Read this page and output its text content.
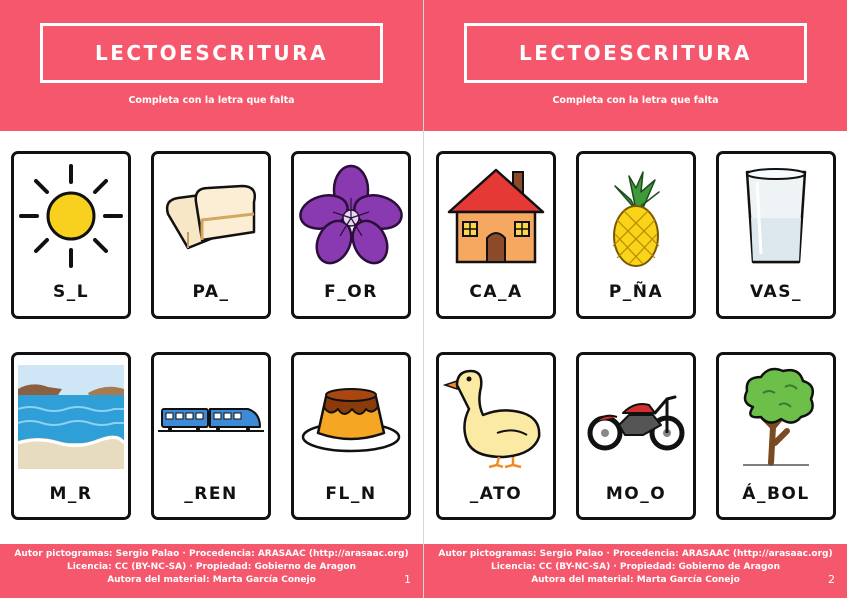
LECTOESCRITURA
Completa con la letra que falta
S_L	PA_	F_OR
M_R	_REN	FL_N
Autor pictogramas: Sergio Palao · Procedencia: ARASAAC (http://arasaac.org)
Licencia: CC (BY-NC-SA) · Propiedad: Gobierno de Aragon
Autora del material: Marta García Conejo	1
LECTOESCRITURA
Completa con la letra que falta
CA_A	P_ÑA	VAS_
_ATO	MO_O	Á_BOL
Autor pictogramas: Sergio Palao · Procedencia: ARASAAC (http://arasaac.org)
Licencia: CC (BY-NC-SA) · Propiedad: Gobierno de Aragon
Autora del material: Marta García Conejo	2
